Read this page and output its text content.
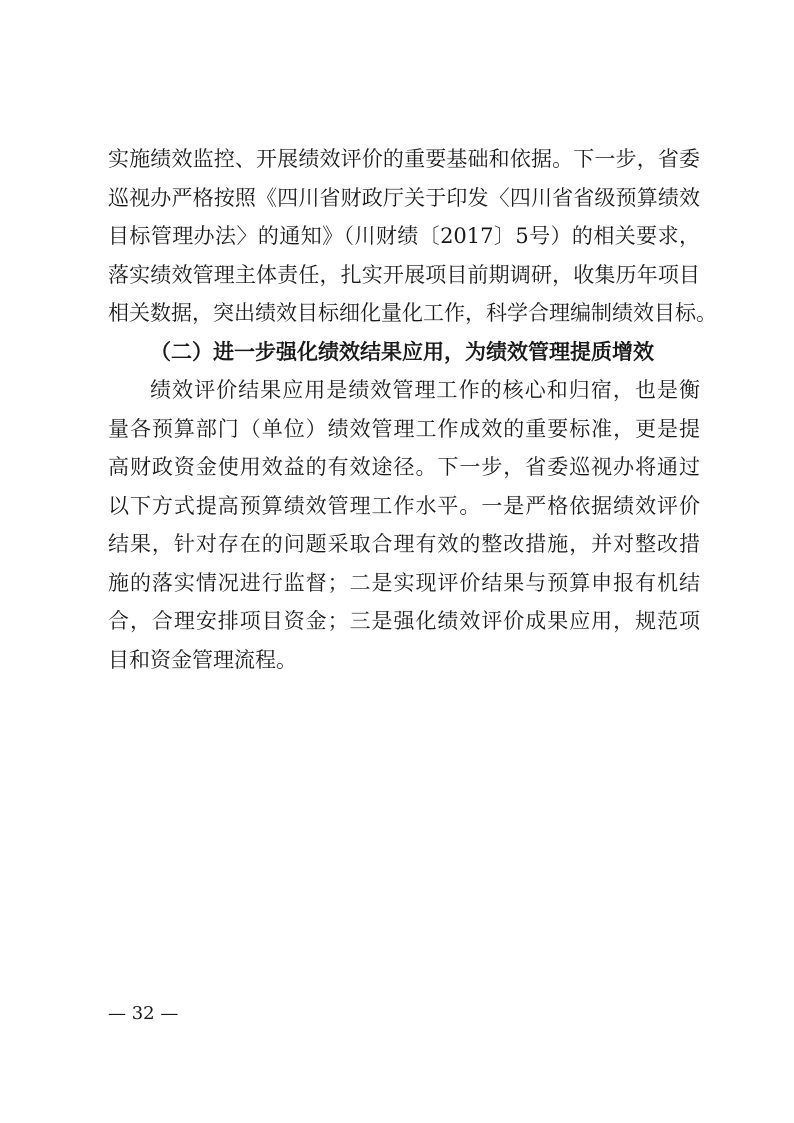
实施绩效监控、开展绩效评价的重要基础和依据。下一步，省委
巡视办严格按照《四川省财政厅关于印发〈四川省省级预算绩效
目标管理办法〉的通知》（川财绩〔2017〕5号）的相关要求，
落实绩效管理主体责任，扎实开展项目前期调研，收集历年项目
相关数据，突出绩效目标细化量化工作，科学合理编制绩效目标。
（二）进一步强化绩效结果应用，为绩效管理提质增效
绩效评价结果应用是绩效管理工作的核心和归宿，也是衡
量各预算部门（单位）绩效管理工作成效的重要标准，更是提
高财政资金使用效益的有效途径。下一步，省委巡视办将通过
以下方式提高预算绩效管理工作水平。一是严格依据绩效评价
结果，针对存在的问题采取合理有效的整改措施，并对整改措
施的落实情况进行监督；二是实现评价结果与预算申报有机结
合，合理安排项目资金；三是强化绩效评价成果应用，规范项
目和资金管理流程。
— 32 —
